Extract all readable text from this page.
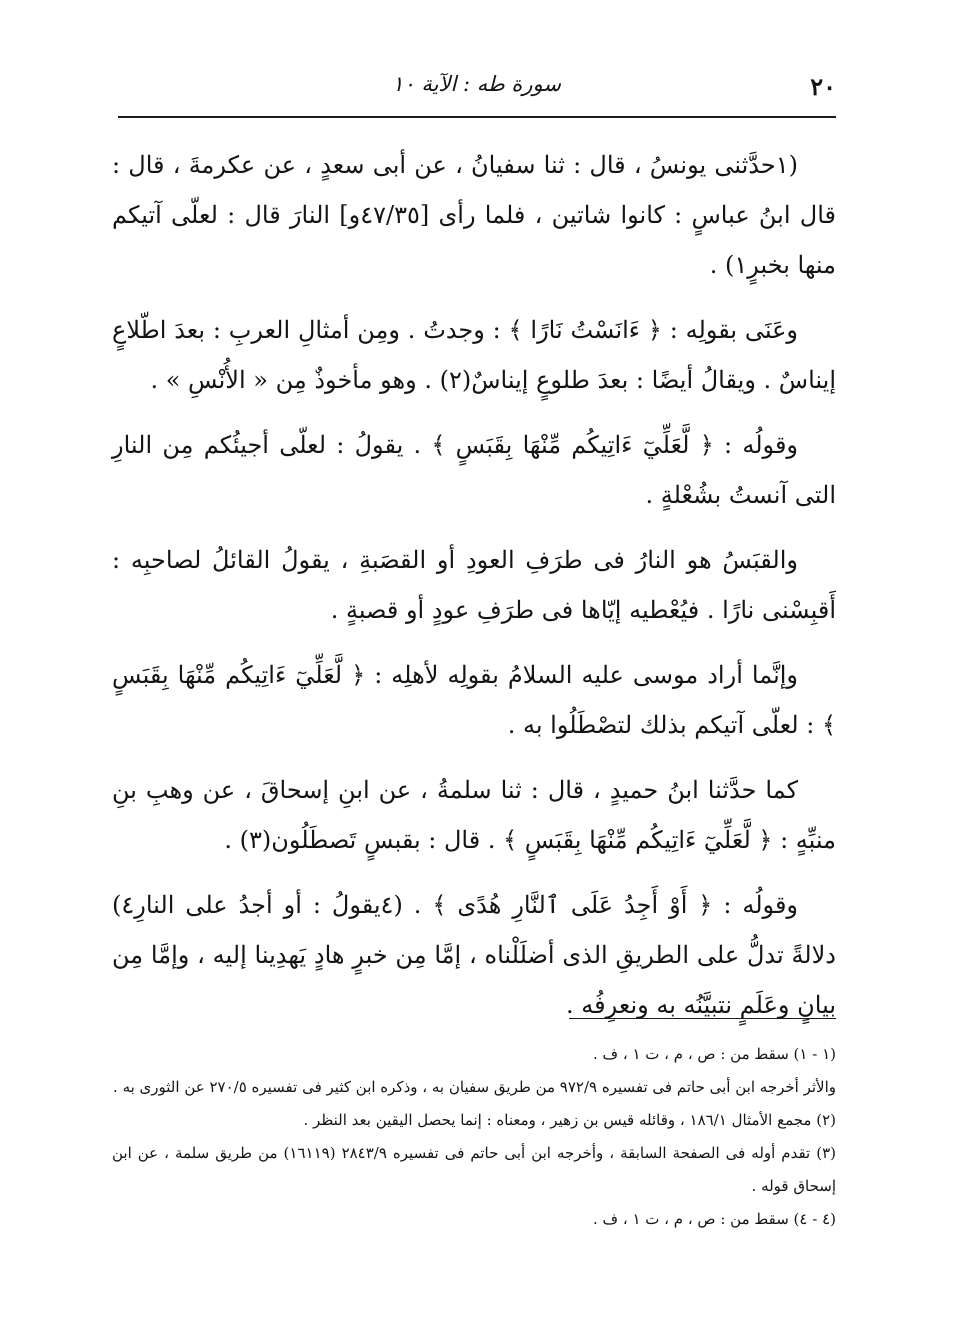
٢٠
سورة طه : الآية ١٠

(١حدَّثنى يونسُ ، قال : ثنا سفيانُ ، عن أبى سعدٍ ، عن عكرمةَ ، قال : قال ابنُ عباسٍ : كانوا شاتين ، فلما رأى [٤٧/٣٥و] النارَ قال : لعلّى آتيكم منها بخبرٍ١) .

وعَنَى بقولِه : ﴿ ءَانَسْتُ نَارًا ﴾ : وجدتُ . ومِن أمثالِ العربِ : بعدَ اطّلاعٍ إيناسٌ . ويقالُ أيضًا : بعدَ طلوعٍ إيناسٌ(٢) . وهو مأخوذٌ مِن « الأُنْسِ » .

وقولُه : ﴿ لَّعَلِّيٓ ءَاتِيكُم مِّنْهَا بِقَبَسٍ ﴾ . يقولُ : لعلّى أجيئُكم مِن النارِ التى آنستُ بشُعْلةٍ .

والقبَسُ هو النارُ فى طرَفِ العودِ أو القصَبةِ ، يقولُ القائلُ لصاحبِه : أَقبِسْنى نارًا . فيُعْطيه إيّاها فى طرَفِ عودٍ أو قصبةٍ .

وإنَّما أراد موسى عليه السلامُ بقولِه لأهلِه : ﴿ لَّعَلِّيٓ ءَاتِيكُم مِّنْهَا بِقَبَسٍ ﴾ : لعلّى آتيكم بذلك لتصْطَلُوا به .

كما حدَّثنا ابنُ حميدٍ ، قال : ثنا سلمةُ ، عن ابنِ إسحاقَ ، عن وهبِ بنِ منبِّهٍ : ﴿ لَّعَلِّيٓ ءَاتِيكُم مِّنْهَا بِقَبَسٍ ﴾ . قال : بقبسٍ تَصطَلُون(٣) .

وقولُه : ﴿ أَوْ أَجِدُ عَلَى ٱلنَّارِ هُدًى ﴾ . (٤يقولُ : أو أجدُ على النارِ٤) دلالةً تدلُّ على الطريقِ الذى أضلَلْناه ، إمَّا مِن خبرٍ هادٍ يَهدِينا إليه ، وإمَّا مِن بيانٍ وعَلَمٍ نتبيَّنُه به ونعرِفُه .

(١ - ١) سقط من : ص ، م ، ت ١ ، ف .

والأثر أخرجه ابن أبى حاتم فى تفسيره ٩٧٢/٩ من طريق سفيان به ، وذكره ابن كثير فى تفسيره ٢٧٠/٥ عن الثورى به .

(٢) مجمع الأمثال ١٨٦/١ ، وقائله قيس بن زهير ، ومعناه : إنما يحصل اليقين بعد النظر .

(٣) تقدم أوله فى الصفحة السابقة ، وأخرجه ابن أبى حاتم فى تفسيره ٢٨٤٣/٩ (١٦١١٩) من طريق سلمة ، عن ابن إسحاق قوله .

(٤ - ٤) سقط من : ص ، م ، ت ١ ، ف .
